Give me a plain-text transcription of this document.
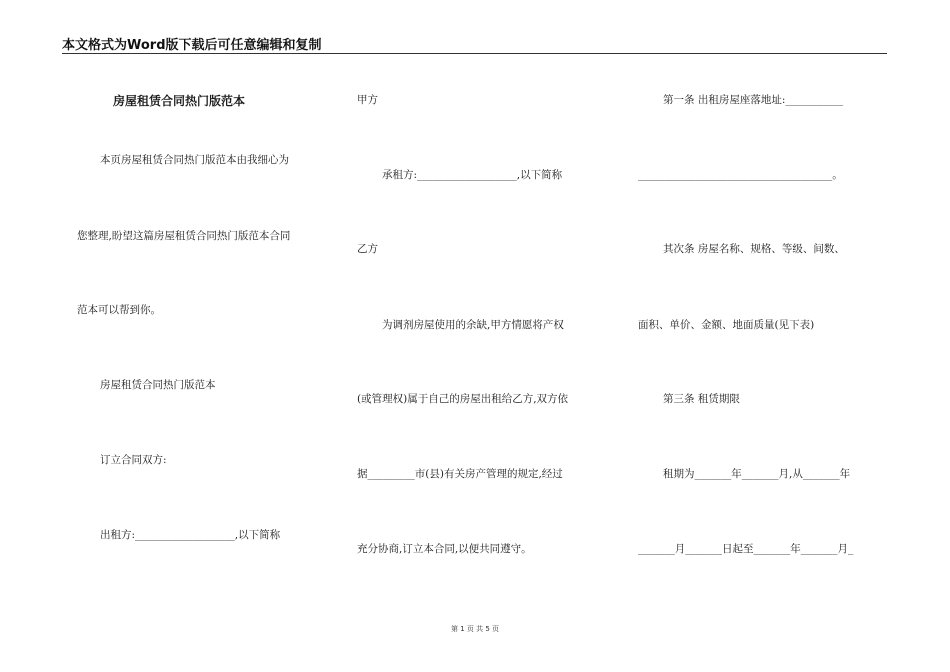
本文格式为Word版下载后可任意编辑和复制
房屋租赁合同热门版范本
本页房屋租赁合同热门版范本由我细心为
您整理,盼望这篇房屋租赁合同热门版范本合同
范本可以帮到你。
房屋租赁合同热门版范本
订立合同双方:
出租方:___________________,以下简称
甲方
承租方:___________________,以下简称
乙方
为调剂房屋使用的余缺,甲方情愿将产权
(或管理权)属于自己的房屋出租给乙方,双方依
据_________市(县)有关房产管理的规定,经过
充分协商,订立本合同,以便共同遵守。
第一条 出租房屋座落地址:___________
_____________________________________。
其次条 房屋名称、规格、等级、间数、
面积、单价、金额、地面质量(见下表)
第三条 租赁期限
租期为_______年_______月,从_______年
_______月_______日起至_______年_______月_
第 1 页 共 5 页
